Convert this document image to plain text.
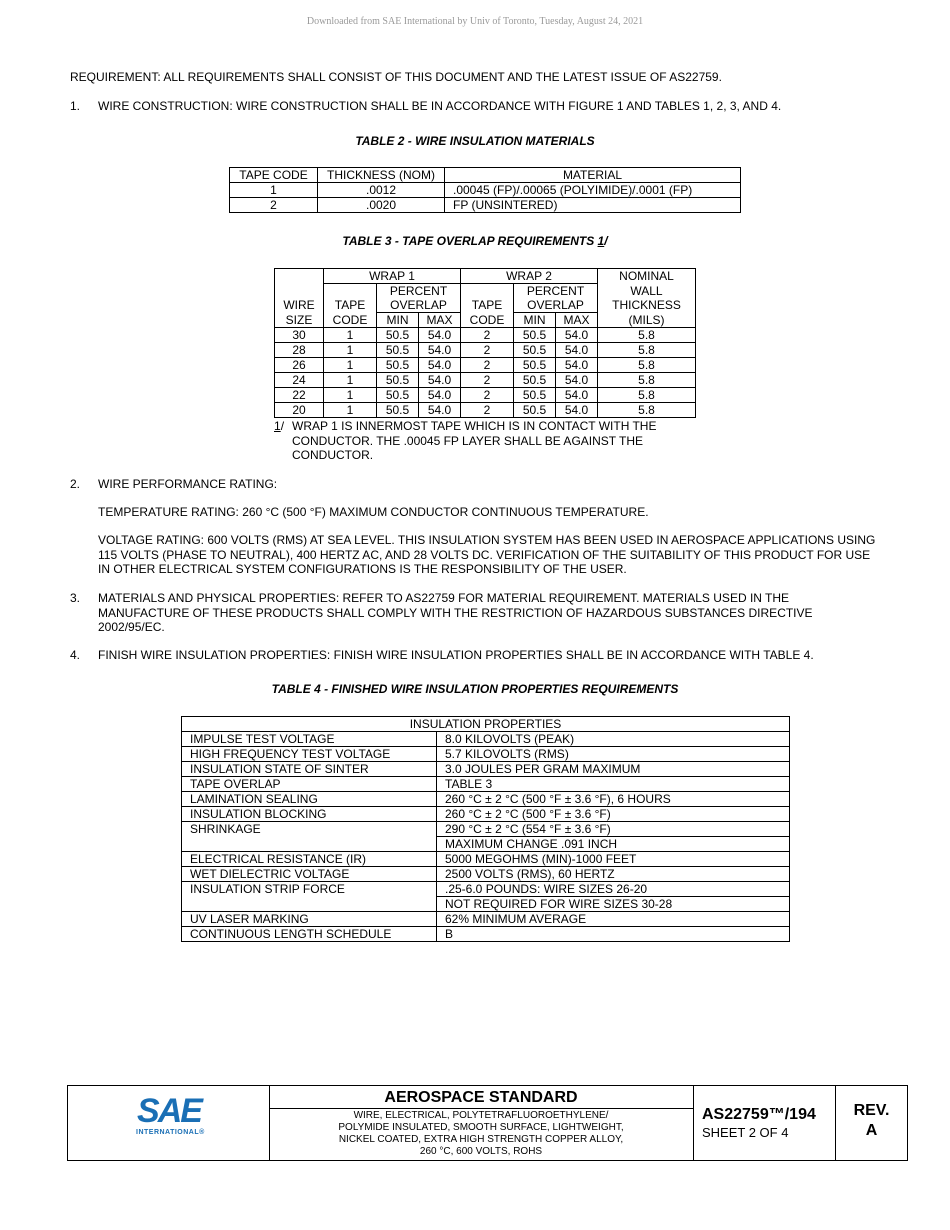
Downloaded from SAE International by Univ of Toronto, Tuesday, August 24, 2021
REQUIREMENT: ALL REQUIREMENTS SHALL CONSIST OF THIS DOCUMENT AND THE LATEST ISSUE OF AS22759.
1. WIRE CONSTRUCTION: WIRE CONSTRUCTION SHALL BE IN ACCORDANCE WITH FIGURE 1 AND TABLES 1, 2, 3, AND 4.
TABLE 2 - WIRE INSULATION MATERIALS
TAPE CODE	THICKNESS (NOM)	MATERIAL
1	.0012	.00045 (FP)/.00065 (POLYIMIDE)/.0001 (FP)
2	.0020	FP (UNSINTERED)
TABLE 3 - TAPE OVERLAP REQUIREMENTS 1/
	WRAP 1			WRAP 2			NOMINAL
		PERCENT			PERCENT		WALL
WIRE	TAPE	OVERLAP		TAPE	OVERLAP		THICKNESS
SIZE	CODE	MIN	MAX	CODE	MIN	MAX	(MILS)
30	1	50.5	54.0	2	50.5	54.0	5.8
28	1	50.5	54.0	2	50.5	54.0	5.8
26	1	50.5	54.0	2	50.5	54.0	5.8
24	1	50.5	54.0	2	50.5	54.0	5.8
22	1	50.5	54.0	2	50.5	54.0	5.8
20	1	50.5	54.0	2	50.5	54.0	5.8
1/ WRAP 1 IS INNERMOST TAPE WHICH IS IN CONTACT WITH THE CONDUCTOR. THE .00045 FP LAYER SHALL BE AGAINST THE CONDUCTOR.
2. WIRE PERFORMANCE RATING:
TEMPERATURE RATING: 260 °C (500 °F) MAXIMUM CONDUCTOR CONTINUOUS TEMPERATURE.
VOLTAGE RATING: 600 VOLTS (RMS) AT SEA LEVEL. THIS INSULATION SYSTEM HAS BEEN USED IN AEROSPACE APPLICATIONS USING 115 VOLTS (PHASE TO NEUTRAL), 400 HERTZ AC, AND 28 VOLTS DC. VERIFICATION OF THE SUITABILITY OF THIS PRODUCT FOR USE IN OTHER ELECTRICAL SYSTEM CONFIGURATIONS IS THE RESPONSIBILITY OF THE USER.
3. MATERIALS AND PHYSICAL PROPERTIES: REFER TO AS22759 FOR MATERIAL REQUIREMENT. MATERIALS USED IN THE MANUFACTURE OF THESE PRODUCTS SHALL COMPLY WITH THE RESTRICTION OF HAZARDOUS SUBSTANCES DIRECTIVE 2002/95/EC.
4. FINISH WIRE INSULATION PROPERTIES: FINISH WIRE INSULATION PROPERTIES SHALL BE IN ACCORDANCE WITH TABLE 4.
TABLE 4 - FINISHED WIRE INSULATION PROPERTIES REQUIREMENTS
INSULATION PROPERTIES	
IMPULSE TEST VOLTAGE	8.0 KILOVOLTS (PEAK)
HIGH FREQUENCY TEST VOLTAGE	5.7 KILOVOLTS (RMS)
INSULATION STATE OF SINTER	3.0 JOULES PER GRAM MAXIMUM
TAPE OVERLAP	TABLE 3
LAMINATION SEALING	260 °C ± 2 °C (500 °F ± 3.6 °F), 6 HOURS
INSULATION BLOCKING	260 °C ± 2 °C (500 °F ± 3.6 °F)
SHRINKAGE	290 °C ± 2 °C (554 °F ± 3.6 °F)
	MAXIMUM CHANGE .091 INCH
ELECTRICAL RESISTANCE (IR)	5000 MEGOHMS (MIN)-1000 FEET
WET DIELECTRIC VOLTAGE	2500 VOLTS (RMS), 60 HERTZ
INSULATION STRIP FORCE	.25-6.0 POUNDS: WIRE SIZES 26-20
	NOT REQUIRED FOR WIRE SIZES 30-28
UV LASER MARKING	62% MINIMUM AVERAGE
CONTINUOUS LENGTH SCHEDULE	B
SAE
INTERNATIONAL®
AEROSPACE STANDARD
WIRE, ELECTRICAL, POLYTETRAFLUOROETHYLENE/
POLYMIDE INSULATED, SMOOTH SURFACE, LIGHTWEIGHT,
NICKEL COATED, EXTRA HIGH STRENGTH COPPER ALLOY,
260 °C, 600 VOLTS, ROHS
AS22759™/194
SHEET 2 OF 4
REV.
A
